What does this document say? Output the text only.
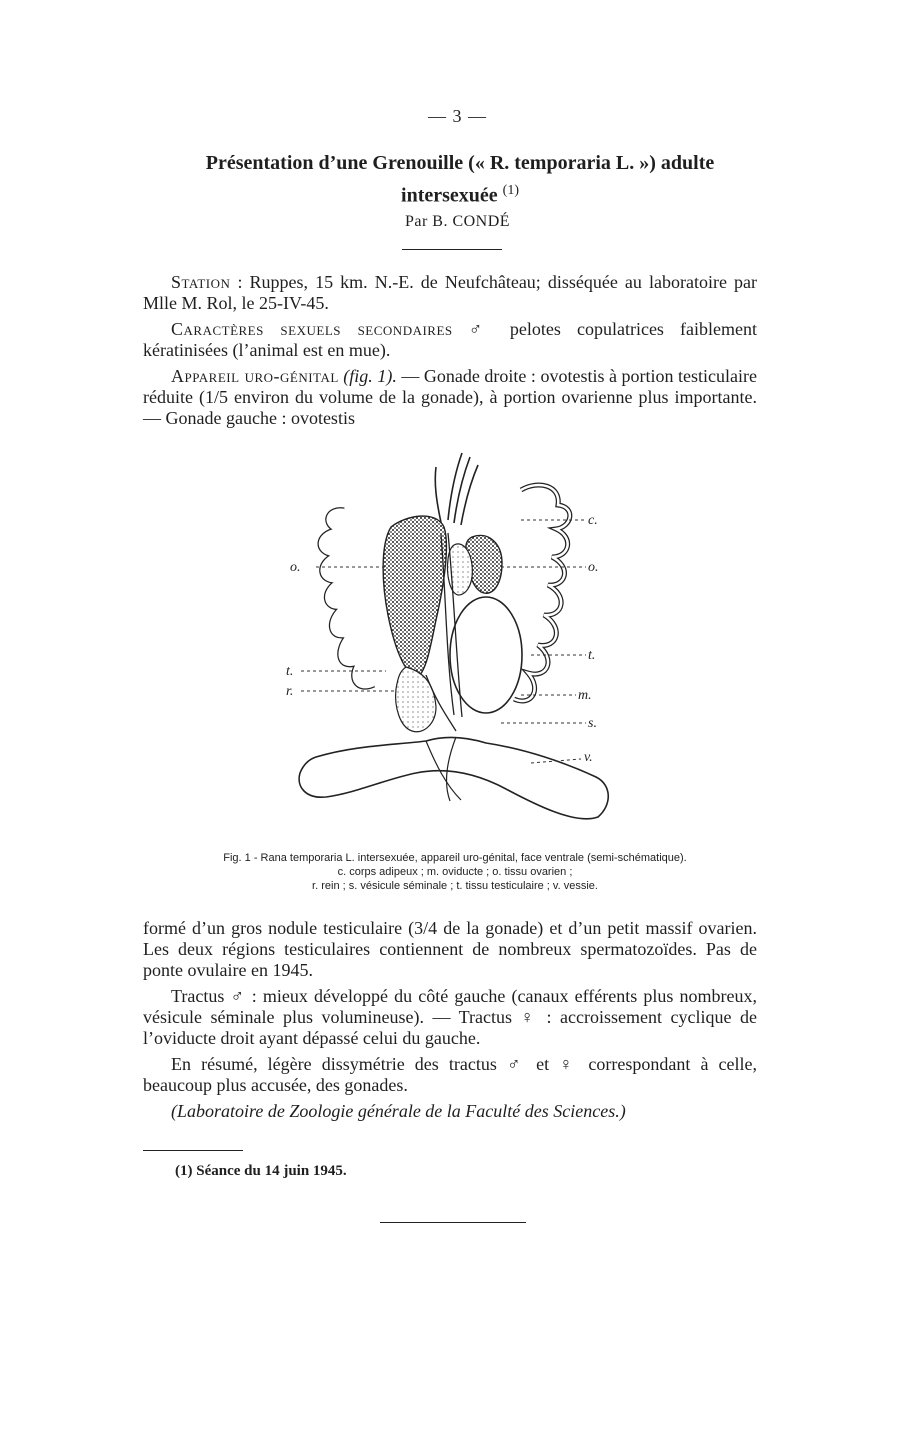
— 3 —
Présentation d’une Grenouille (« R. temporaria L. ») adulte
intersexuée $^{(1)}$
Par B. CONDÉ

Station : Ruppes, 15 km. N.-E. de Neufchâteau; disséquée au laboratoire par Mlle M. Rol, le 25-IV-45.

Caractères sexuels secondaires ♂ pelotes copulatrices faiblement kératinisées (l’animal est en mue).

Appareil uro-génital (fig. 1). — Gonade droite : ovotestis à portion testiculaire réduite (1/5 environ du volume de la gonade), à portion ovarienne plus importante. — Gonade gauche : ovotestis

c.
o.	o.
t.
t.
r.	m.
s.
v.
Fig. 1 - Rana temporaria L. intersexuée, appareil uro-génital, face ventrale (semi-schématique).
c. corps adipeux ; m. oviducte ; o. tissu ovarien ;
r. rein ; s. vésicule séminale ; t. tissu testiculaire ; v. vessie.

formé d’un gros nodule testiculaire (3/4 de la gonade) et d’un petit massif ovarien. Les deux régions testiculaires contiennent de nombreux spermatozoïdes. Pas de ponte ovulaire en 1945.

Tractus ♂ : mieux développé du côté gauche (canaux efférents plus nombreux, vésicule séminale plus volumineuse). — Tractus ♀ : accroissement cyclique de l’oviducte droit ayant dépassé celui du gauche.

En résumé, légère dissymétrie des tractus ♂ et ♀ correspondant à celle, beaucoup plus accusée, des gonades.

(Laboratoire de Zoologie générale de la Faculté des Sciences.)

(1) Séance du 14 juin 1945.
